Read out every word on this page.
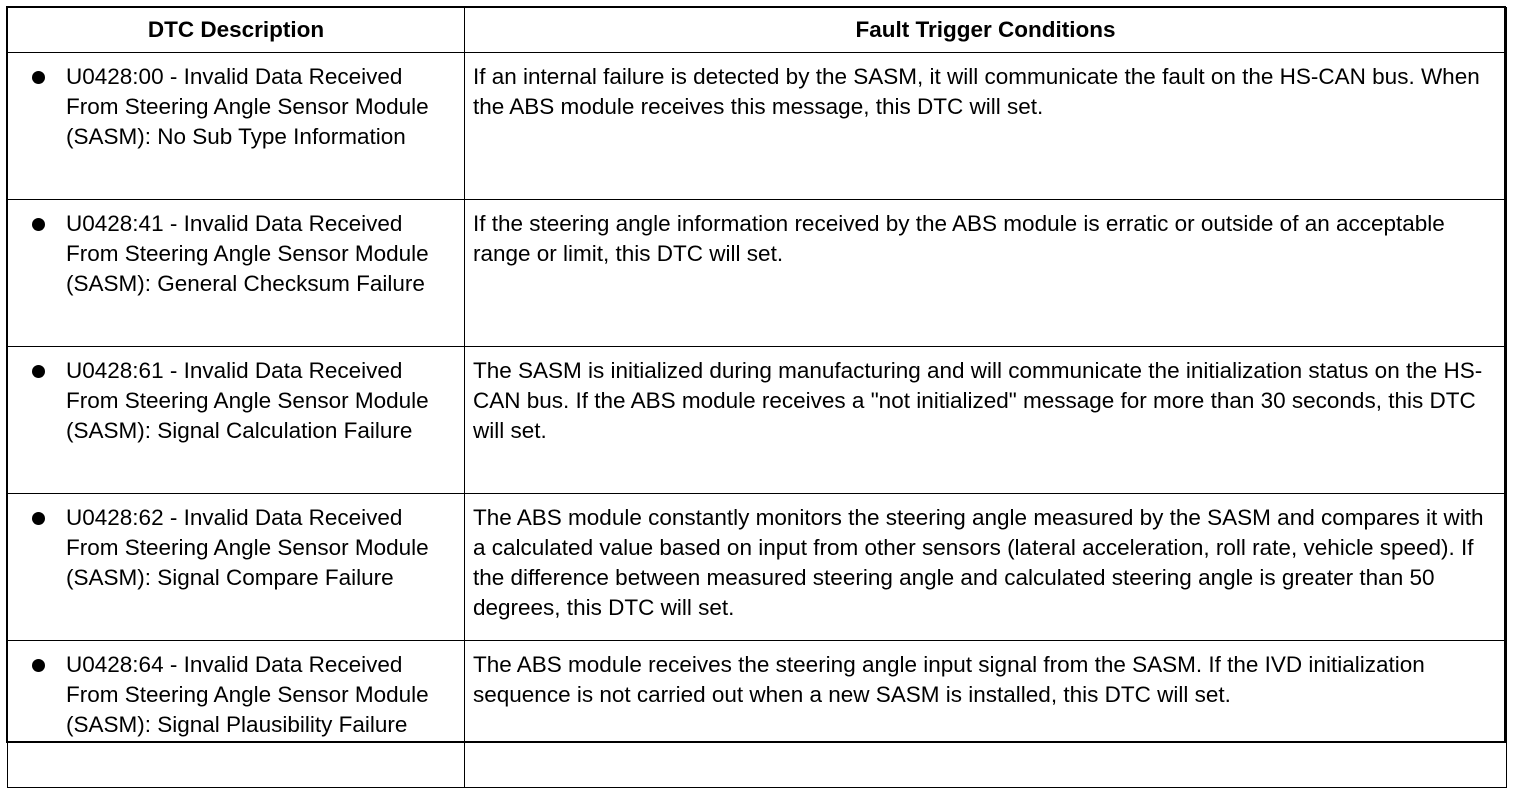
DTC Description	Fault Trigger Conditions

U0428:00 - Invalid Data Received From Steering Angle Sensor Module (SASM): No Sub Type Information	If an internal failure is detected by the SASM, it will communicate the fault on the HS-CAN bus. When the ABS module receives this message, this DTC will set.

U0428:41 - Invalid Data Received From Steering Angle Sensor Module (SASM): General Checksum Failure	If the steering angle information received by the ABS module is erratic or outside of an acceptable range or limit, this DTC will set.

U0428:61 - Invalid Data Received From Steering Angle Sensor Module (SASM): Signal Calculation Failure	The SASM is initialized during manufacturing and will communicate the initialization status on the HS-CAN bus. If the ABS module receives a "not initialized" message for more than 30 seconds, this DTC will set.

U0428:62 - Invalid Data Received From Steering Angle Sensor Module (SASM): Signal Compare Failure	The ABS module constantly monitors the steering angle measured by the SASM and compares it with a calculated value based on input from other sensors (lateral acceleration, roll rate, vehicle speed). If the difference between measured steering angle and calculated steering angle is greater than 50 degrees, this DTC will set.

U0428:64 - Invalid Data Received From Steering Angle Sensor Module (SASM): Signal Plausibility Failure	The ABS module receives the steering angle input signal from the SASM. If the IVD initialization sequence is not carried out when a new SASM is installed, this DTC will set.
